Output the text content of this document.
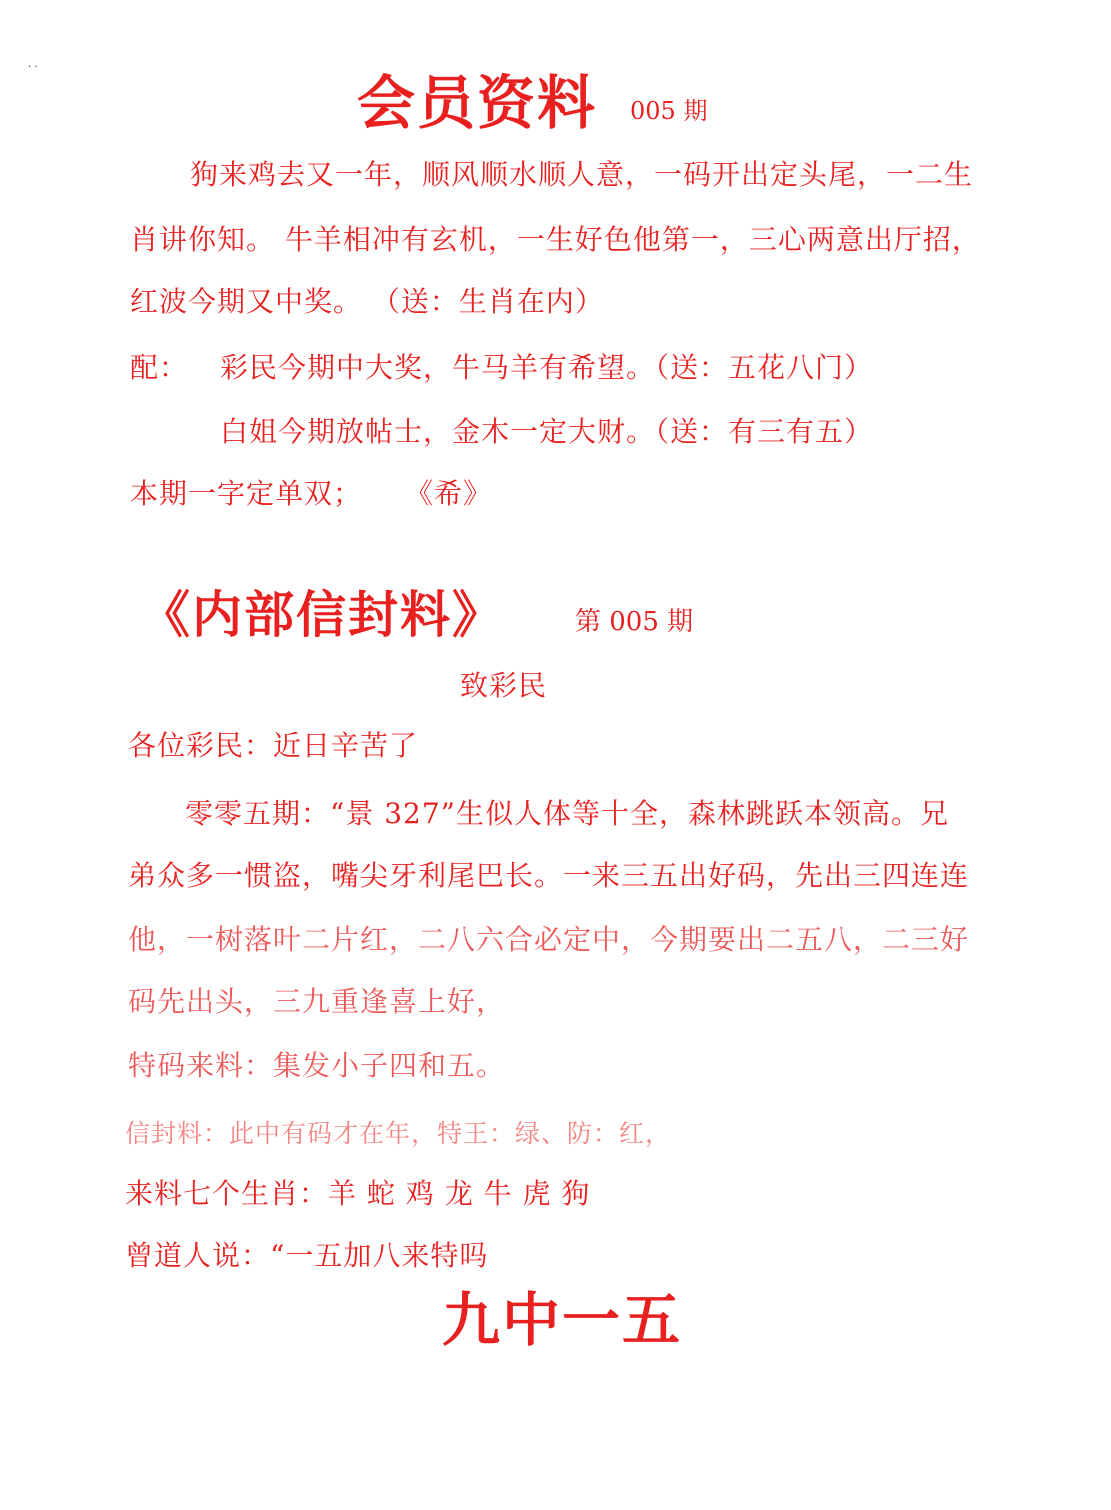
· ·
会员资料 005 期
狗来鸡去又一年，顺风顺水顺人意，一码开出定头尾，一二生
肖讲你知。 牛羊相冲有玄机，一生好色他第一，三心两意出厅招，
红波今期又中奖。 （送：生肖在内）
配： 彩民今期中大奖，牛马羊有希望。（送：五花八门）
白姐今期放帖士，金木一定大财。（送：有三有五）
本期一字定单双； 《希》
《内部信封料》	第 005 期
致彩民
各位彩民：近日辛苦了
零零五期：“景 327”生似人体等十全，森林跳跃本领高。兄
弟众多一惯盗，嘴尖牙利尾巴长。一来三五出好码，先出三四连连
他，一树落叶二片红，二八六合必定中，今期要出二五八，二三好
码先出头，三九重逢喜上好，
特码来料：集发小子四和五。
信封料：此中有码才在年，特王：绿、防：红，
来料七个生肖：羊 蛇 鸡 龙 牛 虎 狗
曾道人说：“一五加八来特吗
九中一五
